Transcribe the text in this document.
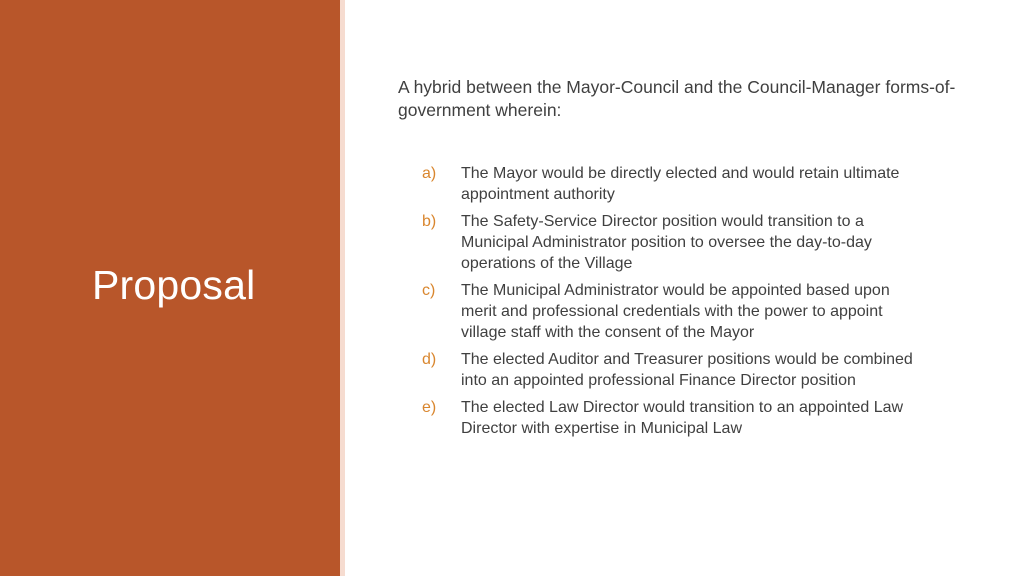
Proposal

A hybrid between the Mayor-Council and the Council-Manager forms-of-government wherein:

a)	The Mayor would be directly elected and would retain ultimate appointment authority
b)	The Safety-Service Director position would transition to a Municipal Administrator position to oversee the day-to-day operations of the Village
c)	The Municipal Administrator would be appointed based upon merit and professional credentials with the power to appoint village staff with the consent of the Mayor
d)	The elected Auditor and Treasurer positions would be combined into an appointed professional Finance Director position
e)	The elected Law Director would transition to an appointed Law Director with expertise in Municipal Law
